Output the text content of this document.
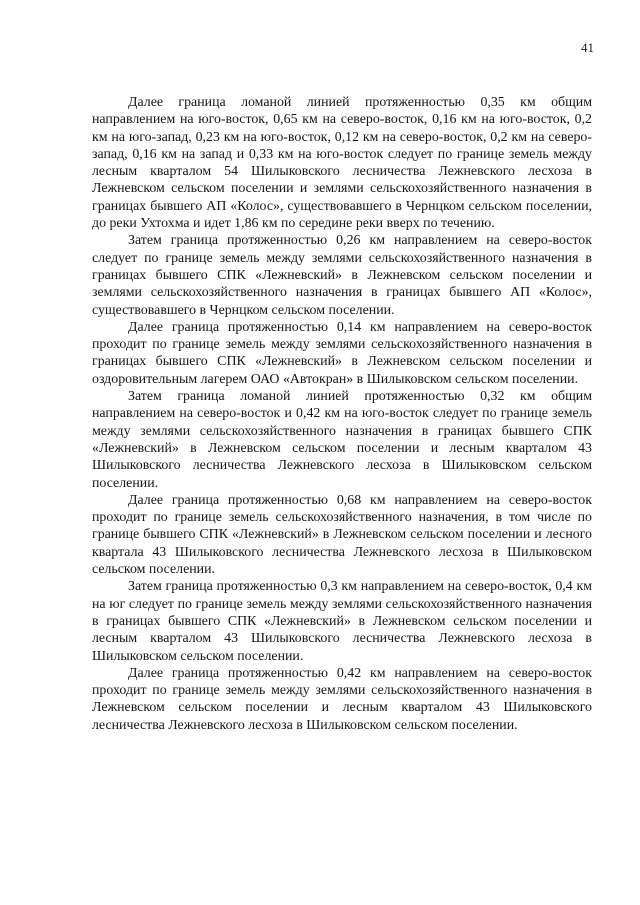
41

Далее граница ломаной линией протяженностью 0,35 км общим направлением на юго-восток, 0,65 км на северо-восток, 0,16 км на юго-восток, 0,2 км на юго-запад, 0,23 км на юго-восток, 0,12 км на северо-восток, 0,2 км на северо-запад, 0,16 км на запад и 0,33 км на юго-восток следует по границе земель между лесным кварталом 54 Шилыковского лесничества Лежневского лесхоза в Лежневском сельском поселении и землями сельскохозяйственного назначения в границах бывшего АП «Колос», существовавшего в Чернцком сельском поселении, до реки Ухтохма и идет 1,86 км по середине реки вверх по течению.

Затем граница протяженностью 0,26 км направлением на северо-восток следует по границе земель между землями сельскохозяйственного назначения в границах бывшего СПК «Лежневский» в Лежневском сельском поселении и землями сельскохозяйственного назначения в границах бывшего АП «Колос», существовавшего в Чернцком сельском поселении.

Далее граница протяженностью 0,14 км направлением на северо-восток проходит по границе земель между землями сельскохозяйственного назначения в границах бывшего СПК «Лежневский» в Лежневском сельском поселении и оздоровительным лагерем ОАО «Автокран» в Шилыковском сельском поселении.

Затем граница ломаной линией протяженностью 0,32 км общим направлением на северо-восток и 0,42 км на юго-восток следует по границе земель между землями сельскохозяйственного назначения в границах бывшего СПК «Лежневский» в Лежневском сельском поселении и лесным кварталом 43 Шилыковского лесничества Лежневского лесхоза в Шилыковском сельском поселении.

Далее граница протяженностью 0,68 км направлением на северо-восток проходит по границе земель сельскохозяйственного назначения, в том числе по границе бывшего СПК «Лежневский» в Лежневском сельском поселении и лесного квартала 43 Шилыковского лесничества Лежневского лесхоза в Шилыковском сельском поселении.

Затем граница протяженностью 0,3 км направлением на северо-восток, 0,4 км на юг следует по границе земель между землями сельскохозяйственного назначения в границах бывшего СПК «Лежневский» в Лежневском сельском поселении и лесным кварталом 43 Шилыковского лесничества Лежневского лесхоза в Шилыковском сельском поселении.

Далее граница протяженностью 0,42 км направлением на северо-восток проходит по границе земель между землями сельскохозяйственного назначения в Лежневском сельском поселении и лесным кварталом 43 Шилыковского лесничества Лежневского лесхоза в Шилыковском сельском поселении.
